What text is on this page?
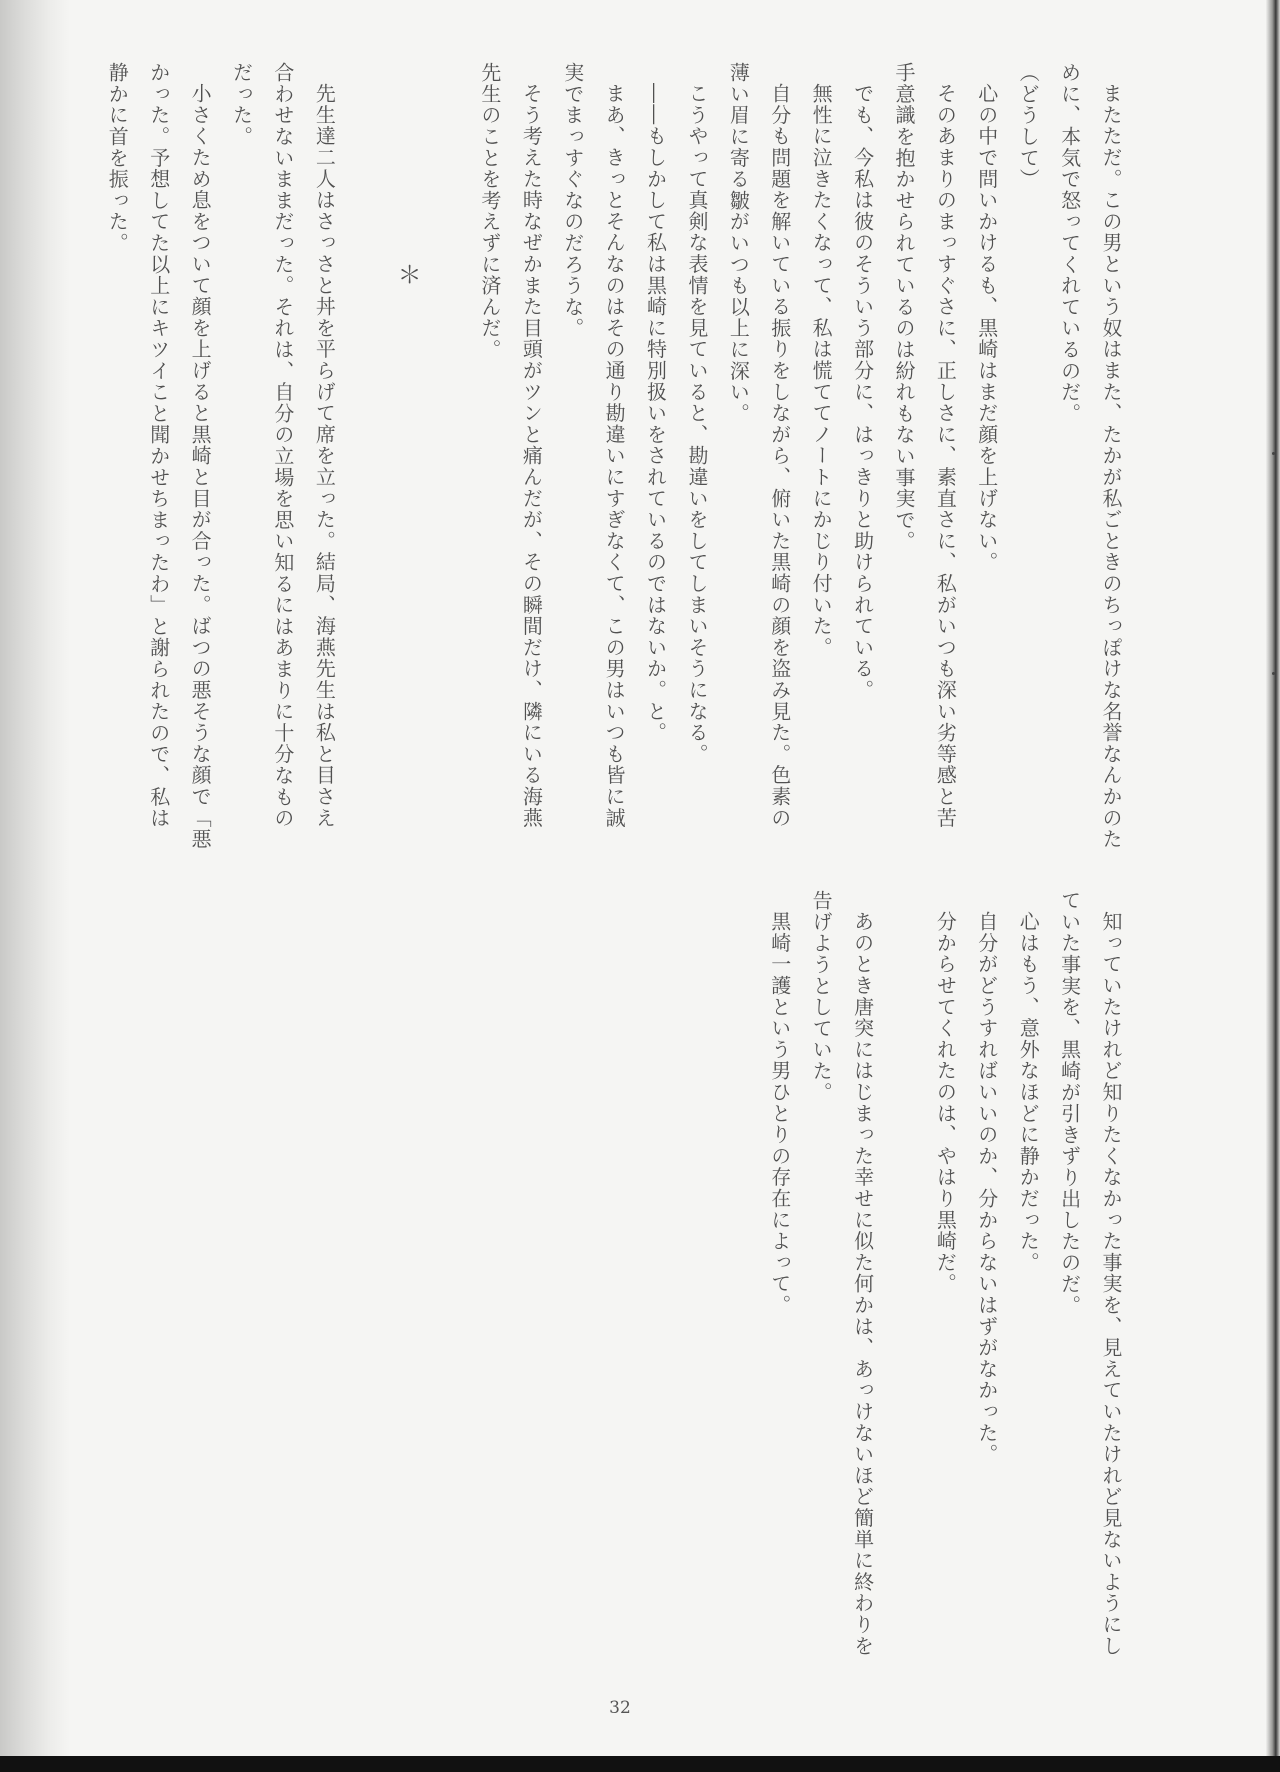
またただ。この男という奴はまた、たかが私ごときのちっぽけな名誉なんかのた
めに、本気で怒ってくれているのだ。
（どうして）
心の中で問いかけるも、黒崎はまだ顔を上げない。
そのあまりのまっすぐさに、正しさに、素直さに、私がいつも深い劣等感と苦
手意識を抱かせられているのは紛れもない事実で。
でも、今私は彼のそういう部分に、はっきりと助けられている。
無性に泣きたくなって、私は慌ててノートにかじり付いた。
自分も問題を解いている振りをしながら、俯いた黒崎の顔を盗み見た。色素の
薄い眉に寄る皺がいつも以上に深い。
こうやって真剣な表情を見ていると、勘違いをしてしまいそうになる。
――もしかして私は黒崎に特別扱いをされているのではないか。と。
まあ、きっとそんなのはその通り勘違いにすぎなくて、この男はいつも皆に誠
実でまっすぐなのだろうな。
そう考えた時なぜかまた目頭がツンと痛んだが、その瞬間だけ、隣にいる海燕
先生のことを考えずに済んだ。
＊
先生達二人はさっさと丼を平らげて席を立った。結局、海燕先生は私と目さえ
合わせないままだった。それは、自分の立場を思い知るにはあまりに十分なもの
だった。
小さくため息をついて顔を上げると黒崎と目が合った。ばつの悪そうな顔で「悪
かった。予想してた以上にキツイこと聞かせちまったわ」と謝られたので、私は
静かに首を振った。
知っていたけれど知りたくなかった事実を、見えていたけれど見ないようにし
ていた事実を、黒崎が引きずり出したのだ。
心はもう、意外なほどに静かだった。
自分がどうすればいいのか、分からないはずがなかった。
分からせてくれたのは、やはり黒崎だ。
あのとき唐突にはじまった幸せに似た何かは、あっけないほど簡単に終わりを
告げようとしていた。
黒崎一護という男ひとりの存在によって。
32
